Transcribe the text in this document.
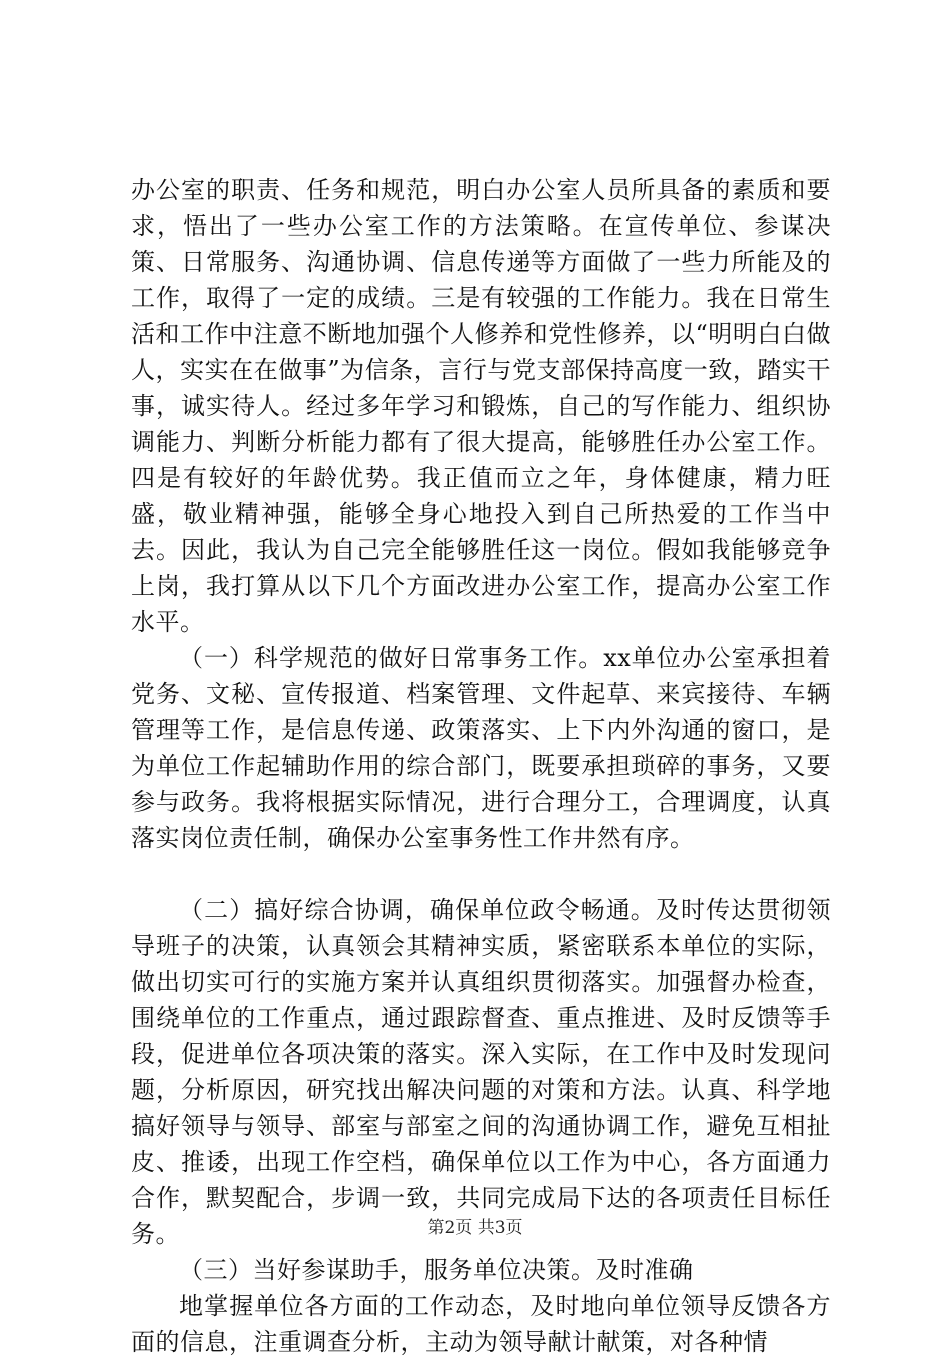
办公室的职责、任务和规范，明白办公室人员所具备的素质和要求，悟出了一些办公室工作的方法策略。在宣传单位、参谋决策、日常服务、沟通协调、信息传递等方面做了一些力所能及的工作，取得了一定的成绩。三是有较强的工作能力。我在日常生活和工作中注意不断地加强个人修养和党性修养，以“明明白白做人，实实在在做事”为信条，言行与党支部保持高度一致，踏实干事，诚实待人。经过多年学习和锻炼，自己的写作能力、组织协调能力、判断分析能力都有了很大提高，能够胜任办公室工作。四是有较好的年龄优势。我正值而立之年，身体健康，精力旺盛，敬业精神强，能够全身心地投入到自己所热爱的工作当中去。因此，我认为自己完全能够胜任这一岗位。假如我能够竞争上岗，我打算从以下几个方面改进办公室工作，提高办公室工作水平。

（一）科学规范的做好日常事务工作。xx单位办公室承担着党务、文秘、宣传报道、档案管理、文件起草、来宾接待、车辆管理等工作，是信息传递、政策落实、上下内外沟通的窗口，是为单位工作起辅助作用的综合部门，既要承担琐碎的事务，又要参与政务。我将根据实际情况，进行合理分工，合理调度，认真落实岗位责任制，确保办公室事务性工作井然有序。

（二）搞好综合协调，确保单位政令畅通。及时传达贯彻领导班子的决策，认真领会其精神实质，紧密联系本单位的实际，做出切实可行的实施方案并认真组织贯彻落实。加强督办检查，围绕单位的工作重点，通过跟踪督查、重点推进、及时反馈等手段，促进单位各项决策的落实。深入实际，在工作中及时发现问题，分析原因，研究找出解决问题的对策和方法。认真、科学地搞好领导与领导、部室与部室之间的沟通协调工作，避免互相扯皮、推诿，出现工作空档，确保单位以工作为中心，各方面通力合作，默契配合，步调一致，共同完成局下达的各项责任目标任务。

（三）当好参谋助手，服务单位决策。及时准确

地掌握单位各方面的工作动态，及时地向单位领导反馈各方面的信息，注重调查分析，主动为领导献计献策，对各种情

第2页 共3页
